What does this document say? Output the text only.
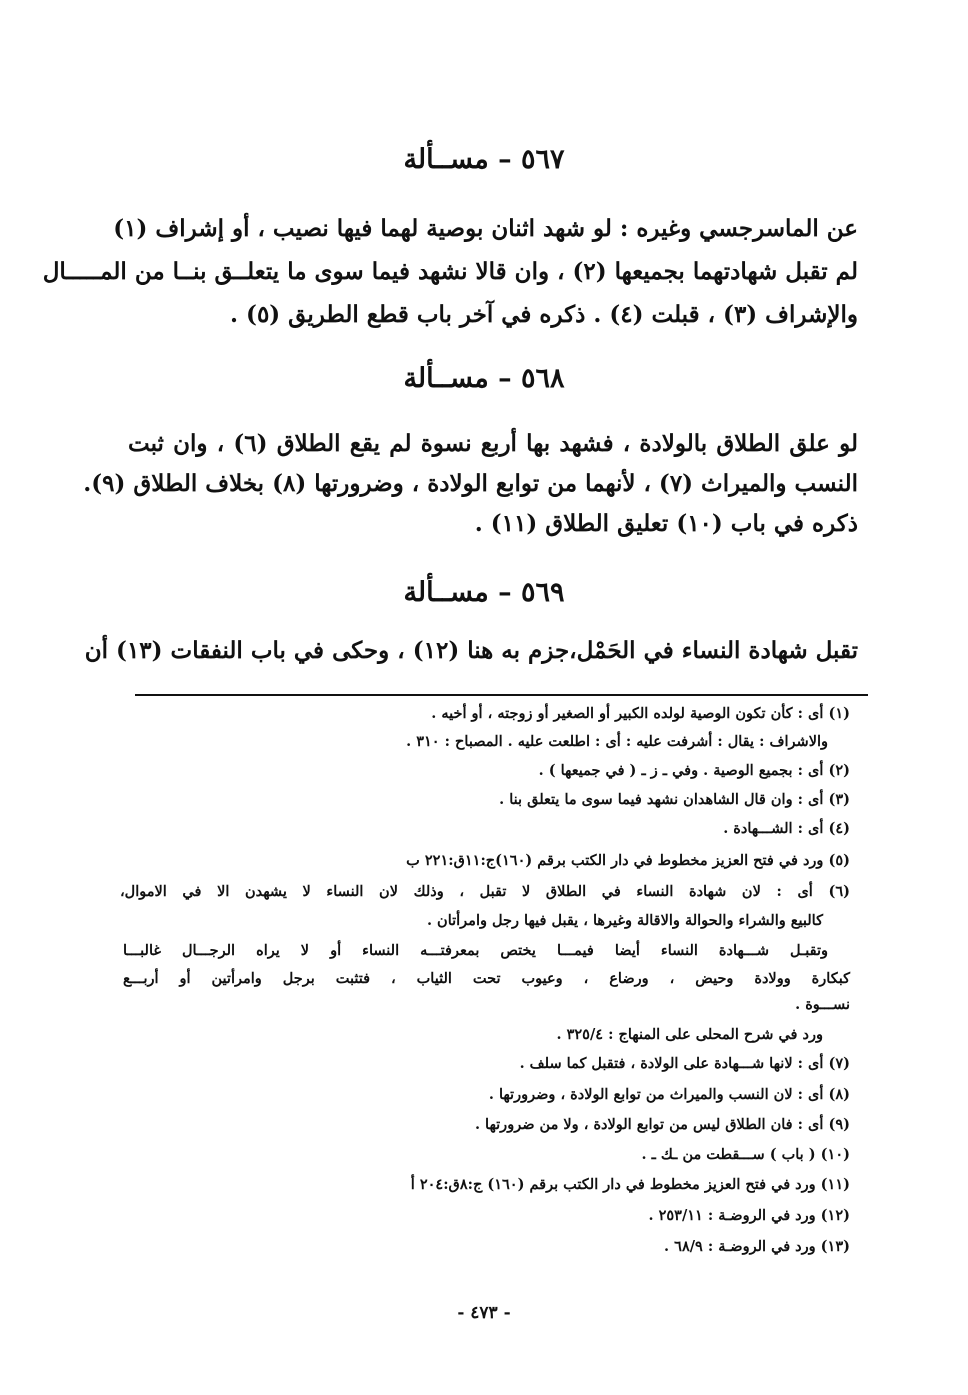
٥٦٧ – مســألة
عن الماسرجسي وغيره : لو شهد اثنان بوصية لهما فيها نصيب ، أو إشراف (١)
لم تقبل شهادتهما بجميعها (٢) ، وان قالا نشهد فيما سوى ما يتعلــق بنــا من المـــــال
والإشراف (٣) ، قبلت (٤) . ذكره في آخر باب قطع الطريق (٥) .
٥٦٨ – مســألة
لو علق الطلاق بالولادة ، فشهد بها أربع نسوة لم يقع الطلاق (٦) ، وان ثبت
النسب والميراث (٧) ، لأنهما من توابع الولادة ، وضرورتها (٨) بخلاف الطلاق (٩).
ذكره في باب (١٠) تعليق الطلاق (١١) .
٥٦٩ – مســألة
تقبل شهادة النساء في الحَمْل،جزم به هنا (١٢) ، وحكى في باب النفقات (١٣) أن
(١) أى : كأن تكون الوصية لولده الكبير أو الصغير أو زوجته ، أو أخيه .
والاشراف : يقال : أشرفت عليه : أى : اطلعت عليه . المصباح : ٣١٠ .
(٢) أى : بجميع الوصية . وفي ـ ز ـ ( في جميعها ) .
(٣) أى : وان قال الشاهدان نشهد فيما سوى ما يتعلق بنا .
(٤) أى : الشـــهادة .
(٥) ورد في فتح العزيز مخطوط في دار الكتب برقم (١٦٠)ج:١١ق:٢٢١ ب
(٦) أى : لان شهادة النساء في الطلاق لا تقبل ، وذلك لان النساء لا يشهدن الا في الاموال،
كالبيع والشراء والحوالة والاقالة وغيرها ، يقبل فيها رجل وامرأتان .
وتقبـل شـــهادة النساء أيضا فيمـــا يختص بمعرفتـــه النساء أو لا يراه الرجـــال غالبـــا
كبكارة وولادة وحيض ، ورضاع ، وعيوب تحت الثياب ، فتثبت برجل وامرأتين أو أربـــع
نســـوة .
ورد في شرح المحلى على المنهاج : ٣٢٥/٤ .
(٧) أى : لانها شـــهادة على الولادة ، فتقبل كما سلف .
(٨) أى : لان النسب والميراث من توابع الولادة ، وضرورتها .
(٩) أى : فان الطلاق ليس من توابع الولادة ، ولا من ضرورتها .
(١٠) ( باب ) ســـقطت من ـك ـ .
(١١) ورد في فتح العزيز مخطوط في دار الكتب برقم (١٦٠) ج:٨ق:٢٠٤ أ
(١٢) ورد في الروضـة : ٢٥٣/١١ .
(١٣) ورد في الروضـة : ٦٨/٩ .
- ٤٧٣ -
